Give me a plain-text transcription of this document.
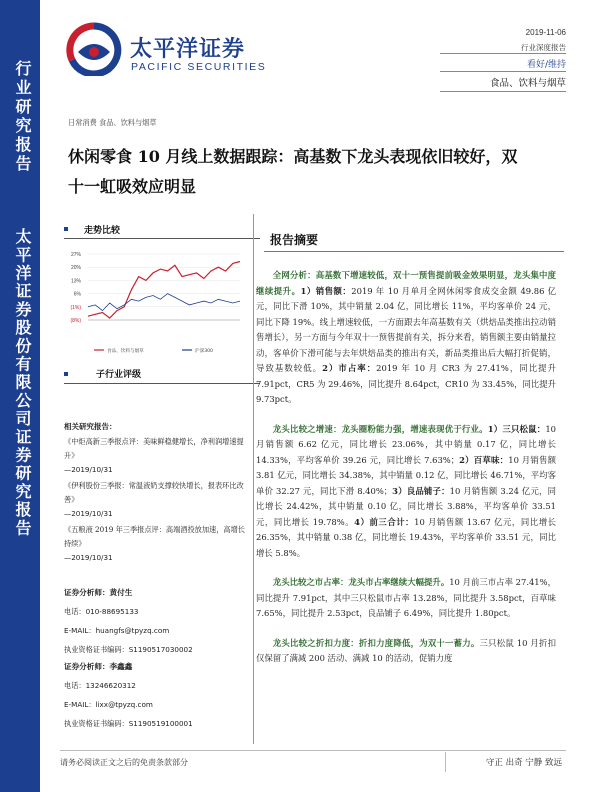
行业研究报告
太平洋证券股份有限公司证券研究报告
太平洋证券
PACIFIC SECURITIES
2019-11-06
行业深度报告
看好/维持
食品、饮料与烟草
日常消费 食品、饮料与烟草
休闲零食 10 月线上数据跟踪：高基数下龙头表现依旧较好，双
十一虹吸效应明显
走势比较
27%
20%
13%
6%
(1%)
(8%)
食品、饮料与烟草	沪深300
子行业评级
相关研究报告：
《中炬高新三季报点评：美味鲜稳健增长，净利润增速提升》
—2019/10/31
《伊利股份三季报：常温液奶支撑较快增长，报表环比改善》
—2019/10/31
《五粮液 2019 年三季报点评：高端酒投放加速，高增长持续》
—2019/10/31
证券分析师：黄付生
电话：010-88695133
E-MAIL：huangfs@tpyzq.com
执业资格证书编码：S1190517030002
证券分析师：李鑫鑫
电话：13246620312
E-MAIL：lixx@tpyzq.com
执业资格证书编码：S1190519100001
报告摘要
全网分析：高基数下增速较低，双十一预售提前吸金效果明显，龙头集中度继续提升。1）销售额：2019 年 10 月单月全网休闲零食成交金额 49.86 亿元，同比下滑 10%，其中销量 2.04 亿，同比增长 11%，平均客单价 24 元，同比下降 19%。线上增速较低，一方面跟去年高基数有关（烘焙品类推出拉动销售增长），另一方面与今年双十一预售提前有关，拆分来看，销售额主要由销量拉动，客单价下滑可能与去年烘焙品类的推出有关，新品类推出后大幅打折促销，导致基数较低。2）市占率：2019 年 10 月 CR3 为 27.41%，同比提升 7.91pct，CR5 为 29.46%，同比提升 8.64pct，CR10 为 33.45%，同比提升 9.73pct。
龙头比较之增速：龙头圈粉能力强，增速表现优于行业。1）三只松鼠：10 月销售额 6.62 亿元，同比增长 23.06%，其中销量 0.17 亿，同比增长 14.33%，平均客单价 39.26 元，同比增长 7.63%；2）百草味：10 月销售额 3.81 亿元，同比增长 34.38%，其中销量 0.12 亿，同比增长 46.71%，平均客单价 32.27 元，同比下滑 8.40%；3）良品铺子：10 月销售额 3.24 亿元，同比增长 24.42%，其中销量 0.10 亿，同比增长 3.88%，平均客单价 33.51 元，同比增长 19.78%。4）前三合计：10 月销售额 13.67 亿元，同比增长 26.35%，其中销量 0.38 亿，同比增长 19.43%，平均客单价 33.51 元，同比增长 5.8%。
龙头比较之市占率：龙头市占率继续大幅提升。10 月前三市占率 27.41%，同比提升 7.91pct，其中三只松鼠市占率 13.28%，同比提升 3.58pct，百草味 7.65%，同比提升 2.53pct，良品铺子 6.49%，同比提升 1.80pct。
龙头比较之折扣力度：折扣力度降低，为双十一蓄力。三只松鼠 10 月折扣仅保留了满减 200 活动、满减 10 的活动，促销力度
请务必阅读正文之后的免责条款部分	守正 出奇 宁静 致远
